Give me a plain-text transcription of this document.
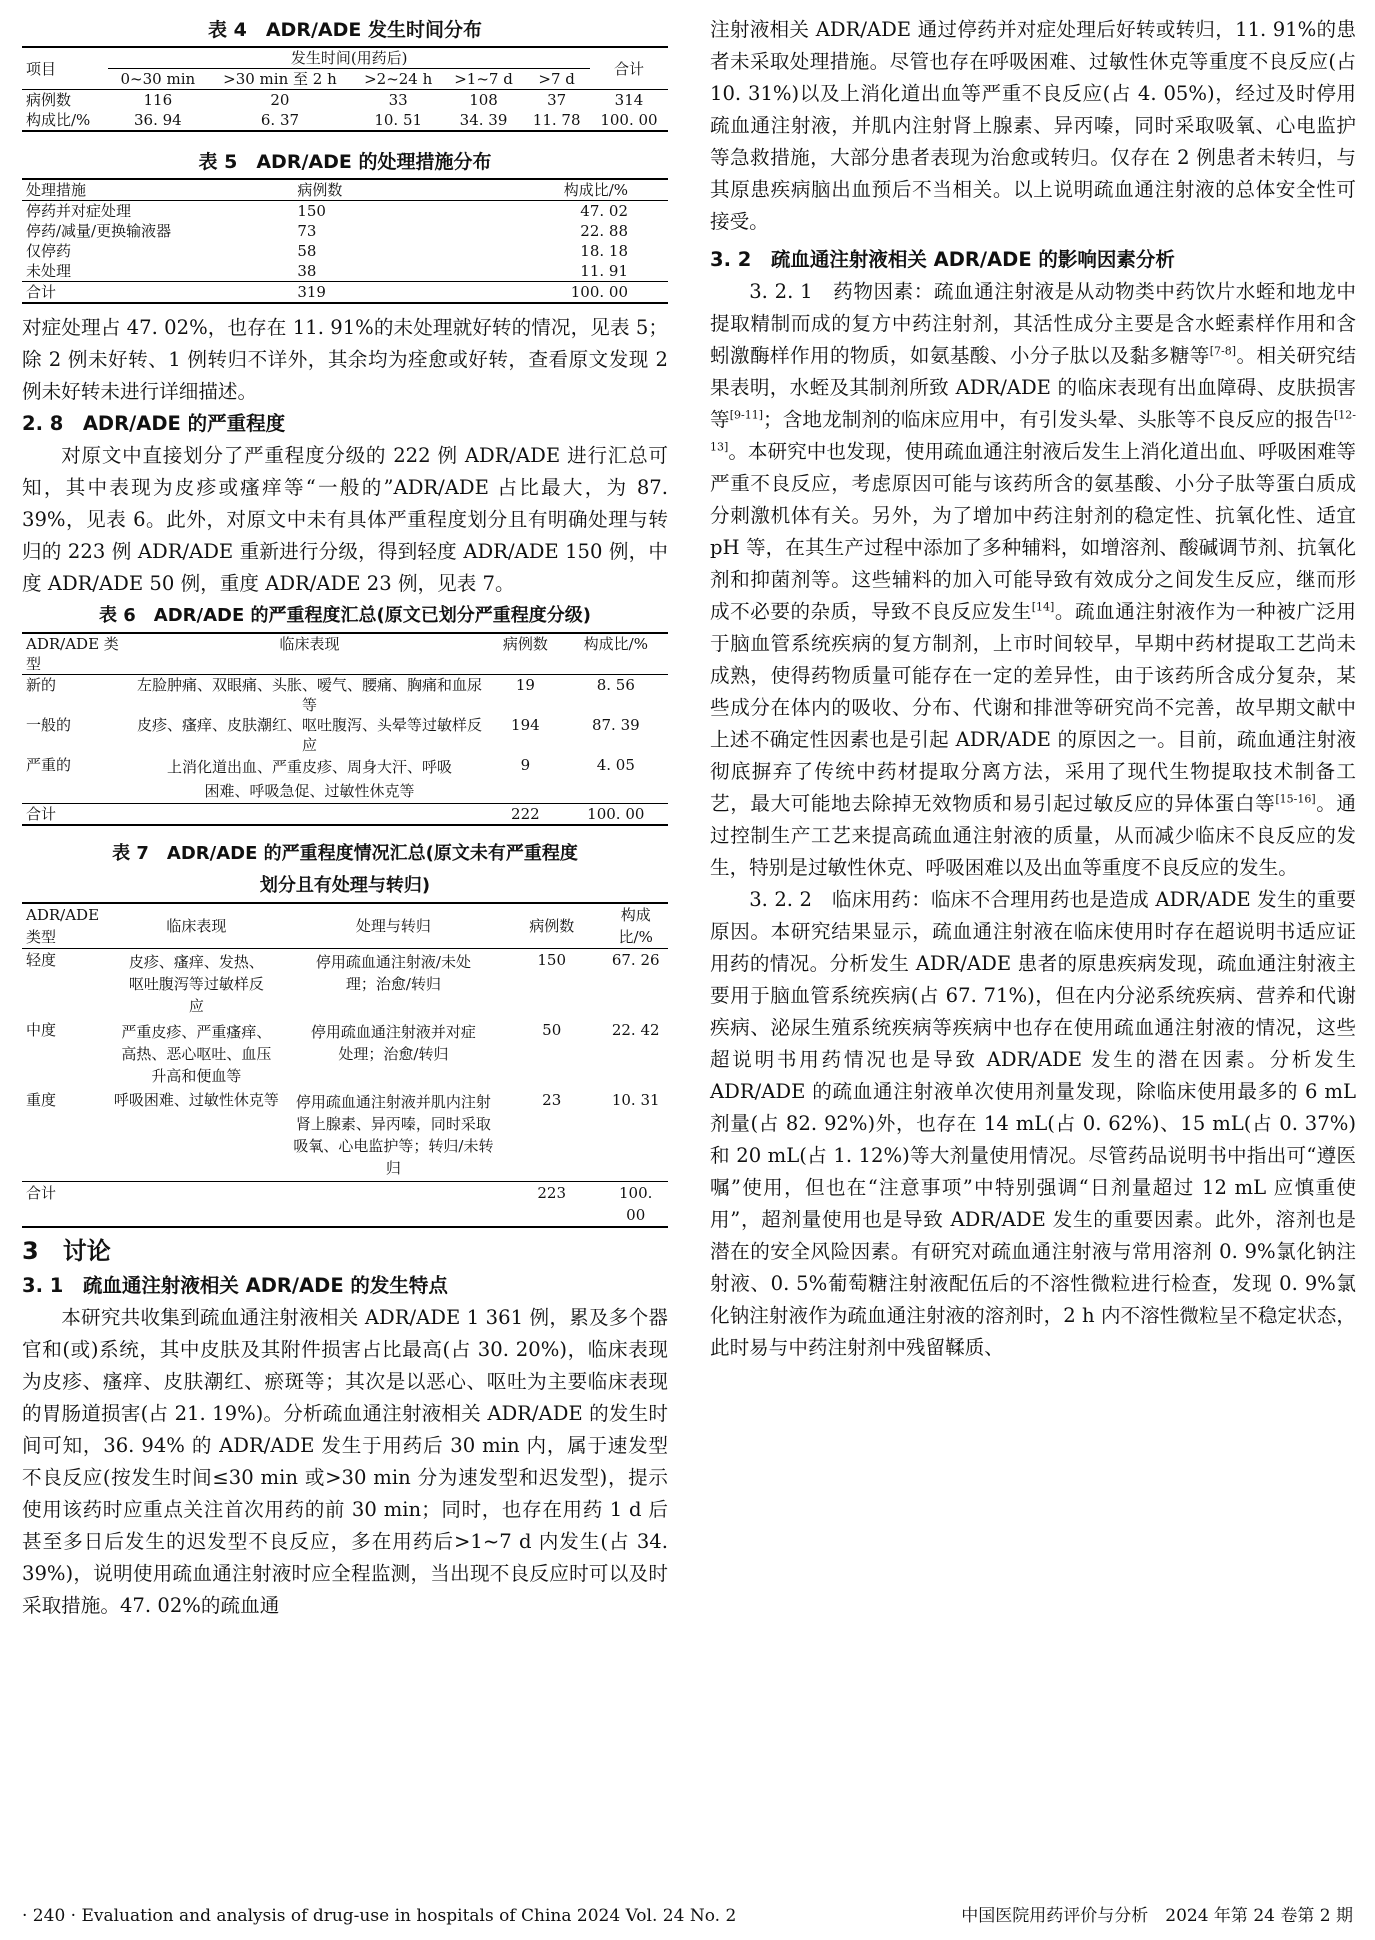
表 4　ADR/ADE 发生时间分布
项目	发生时间(用药后)					合计
	0~30 min	>30 min 至 2 h	>2~24 h	>1~7 d	>7 d	
病例数	116	20	33	108	37	314
构成比/%	36. 94	6. 37	10. 51	34. 39	11. 78	100. 00
表 5　ADR/ADE 的处理措施分布
处理措施	病例数	构成比/%
停药并对症处理	150	47. 02
停药/减量/更换输液器	73	22. 88
仅停药	58	18. 18
未处理	38	11. 91
合计	319	100. 00

对症处理占 47. 02%，也存在 11. 91%的未处理就好转的情况，见表 5；除 2 例未好转、1 例转归不详外，其余均为痊愈或好转，查看原文发现 2 例未好转未进行详细描述。

2. 8　ADR/ADE 的严重程度

对原文中直接划分了严重程度分级的 222 例 ADR/ADE 进行汇总可知，其中表现为皮疹或瘙痒等“一般的”ADR/ADE 占比最大，为 87. 39%，见表 6。此外，对原文中未有具体严重程度划分且有明确处理与转归的 223 例 ADR/ADE 重新进行分级，得到轻度 ADR/ADE 150 例，中度 ADR/ADE 50 例，重度 ADR/ADE 23 例，见表 7。

表 6　ADR/ADE 的严重程度汇总(原文已划分严重程度分级)
ADR/ADE 类型	临床表现	病例数	构成比/%
新的	左脸肿痛、双眼痛、头胀、嗳气、腰痛、胸痛和血尿等	19	8. 56
一般的	皮疹、瘙痒、皮肤潮红、呕吐腹泻、头晕等过敏样反应	194	87. 39
严重的	上消化道出血、严重皮疹、周身大汗、呼吸困难、呼吸急促、过敏性休克等	9	4. 05
合计		222	100. 00
表 7　ADR/ADE 的严重程度情况汇总(原文未有严重程度
划分且有处理与转归)
ADR/ADE 类型	临床表现	处理与转归	病例数	构成比/%
轻度	皮疹、瘙痒、发热、呕吐腹泻等过敏样反应	停用疏血通注射液/未处理；治愈/转归	150	67. 26
中度	严重皮疹、严重瘙痒、高热、恶心呕吐、血压升高和便血等	停用疏血通注射液并对症处理；治愈/转归	50	22. 42
重度	呼吸困难、过敏性休克等	停用疏血通注射液并肌内注射肾上腺素、异丙嗪，同时采取吸氧、心电监护等；转归/未转归	23	10. 31
合计			223	100. 00
3　讨论
3. 1　疏血通注射液相关 ADR/ADE 的发生特点

本研究共收集到疏血通注射液相关 ADR/ADE 1 361 例，累及多个器官和(或)系统，其中皮肤及其附件损害占比最高(占 30. 20%)，临床表现为皮疹、瘙痒、皮肤潮红、瘀斑等；其次是以恶心、呕吐为主要临床表现的胃肠道损害(占 21. 19%)。分析疏血通注射液相关 ADR/ADE 的发生时间可知，36. 94% 的 ADR/ADE 发生于用药后 30 min 内，属于速发型不良反应(按发生时间≤30 min 或>30 min 分为速发型和迟发型)，提示使用该药时应重点关注首次用药的前 30 min；同时，也存在用药 1 d 后甚至多日后发生的迟发型不良反应，多在用药后>1~7 d 内发生(占 34. 39%)，说明使用疏血通注射液时应全程监测，当出现不良反应时可以及时采取措施。47. 02%的疏血通

注射液相关 ADR/ADE 通过停药并对症处理后好转或转归，11. 91%的患者未采取处理措施。尽管也存在呼吸困难、过敏性休克等重度不良反应(占 10. 31%)以及上消化道出血等严重不良反应(占 4. 05%)，经过及时停用疏血通注射液，并肌内注射肾上腺素、异丙嗪，同时采取吸氧、心电监护等急救措施，大部分患者表现为治愈或转归。仅存在 2 例患者未转归，与其原患疾病脑出血预后不当相关。以上说明疏血通注射液的总体安全性可接受。

3. 2　疏血通注射液相关 ADR/ADE 的影响因素分析

3. 2. 1　药物因素：疏血通注射液是从动物类中药饮片水蛭和地龙中提取精制而成的复方中药注射剂，其活性成分主要是含水蛭素样作用和含蚓激酶样作用的物质，如氨基酸、小分子肽以及黏多糖等[7-8]。相关研究结果表明，水蛭及其制剂所致 ADR/ADE 的临床表现有出血障碍、皮肤损害等[9-11]；含地龙制剂的临床应用中，有引发头晕、头胀等不良反应的报告[12-13]。本研究中也发现，使用疏血通注射液后发生上消化道出血、呼吸困难等严重不良反应，考虑原因可能与该药所含的氨基酸、小分子肽等蛋白质成分刺激机体有关。另外，为了增加中药注射剂的稳定性、抗氧化性、适宜 pH 等，在其生产过程中添加了多种辅料，如增溶剂、酸碱调节剂、抗氧化剂和抑菌剂等。这些辅料的加入可能导致有效成分之间发生反应，继而形成不必要的杂质，导致不良反应发生[14]。疏血通注射液作为一种被广泛用于脑血管系统疾病的复方制剂，上市时间较早，早期中药材提取工艺尚未成熟，使得药物质量可能存在一定的差异性，由于该药所含成分复杂，某些成分在体内的吸收、分布、代谢和排泄等研究尚不完善，故早期文献中上述不确定性因素也是引起 ADR/ADE 的原因之一。目前，疏血通注射液彻底摒弃了传统中药材提取分离方法，采用了现代生物提取技术制备工艺，最大可能地去除掉无效物质和易引起过敏反应的异体蛋白等[15-16]。通过控制生产工艺来提高疏血通注射液的质量，从而减少临床不良反应的发生，特别是过敏性休克、呼吸困难以及出血等重度不良反应的发生。

3. 2. 2　临床用药：临床不合理用药也是造成 ADR/ADE 发生的重要原因。本研究结果显示，疏血通注射液在临床使用时存在超说明书适应证用药的情况。分析发生 ADR/ADE 患者的原患疾病发现，疏血通注射液主要用于脑血管系统疾病(占 67. 71%)，但在内分泌系统疾病、营养和代谢疾病、泌尿生殖系统疾病等疾病中也存在使用疏血通注射液的情况，这些超说明书用药情况也是导致 ADR/ADE 发生的潜在因素。分析发生 ADR/ADE 的疏血通注射液单次使用剂量发现，除临床使用最多的 6 mL 剂量(占 82. 92%)外，也存在 14 mL(占 0. 62%)、15 mL(占 0. 37%)和 20 mL(占 1. 12%)等大剂量使用情况。尽管药品说明书中指出可“遵医嘱”使用，但也在“注意事项”中特别强调“日剂量超过 12 mL 应慎重使用”，超剂量使用也是导致 ADR/ADE 发生的重要因素。此外，溶剂也是潜在的安全风险因素。有研究对疏血通注射液与常用溶剂 0. 9%氯化钠注射液、0. 5%葡萄糖注射液配伍后的不溶性微粒进行检查，发现 0. 9%氯化钠注射液作为疏血通注射液的溶剂时，2 h 内不溶性微粒呈不稳定状态，此时易与中药注射剂中残留鞣质、

· 240 · Evaluation and analysis of drug-use in hospitals of China 2024 Vol. 24 No. 2	中国医院用药评价与分析　2024 年第 24 卷第 2 期
